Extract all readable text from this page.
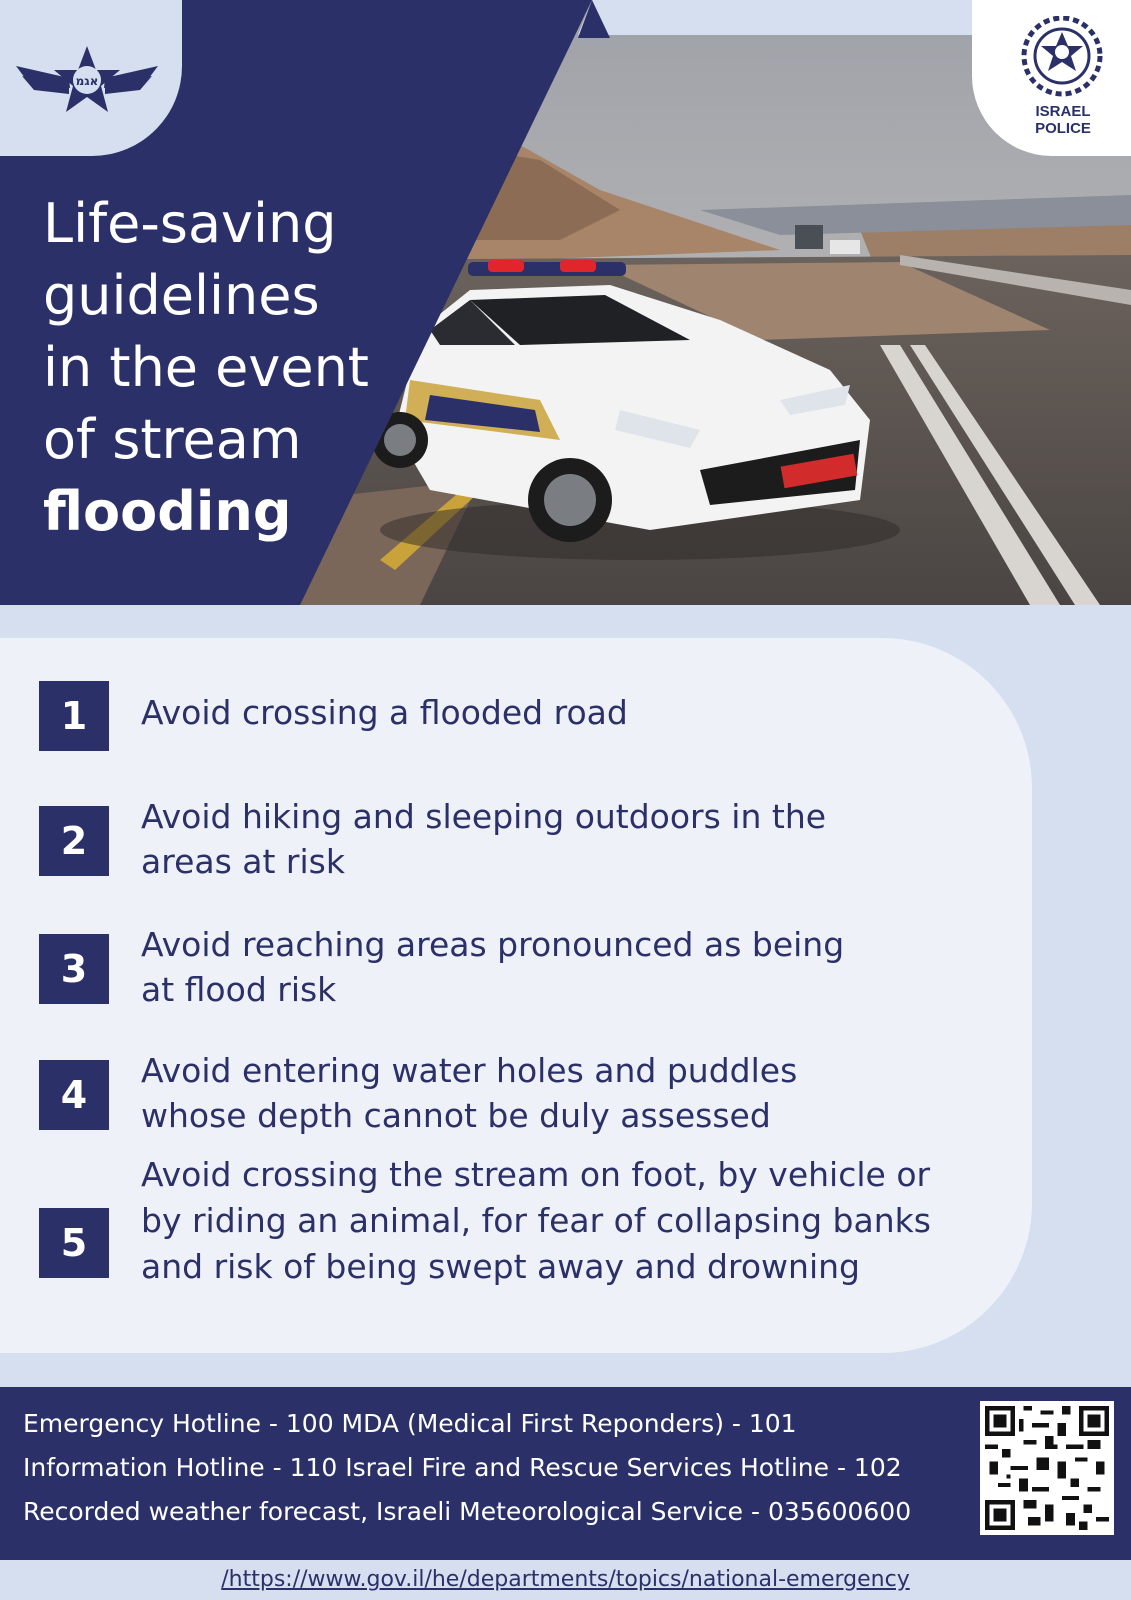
אגמ
ISRAEL
POLICE
Life-saving
guidelines
in the event
of stream
flooding
1	Avoid crossing a flooded road
2
Avoid hiking and sleeping outdoors in the
areas at risk
3
Avoid reaching areas pronounced as being
at flood risk
4
Avoid entering water holes and puddles
whose depth cannot be duly assessed
5
Avoid crossing the stream on foot, by vehicle or
by riding an animal, for fear of collapsing banks
and risk of being swept away and drowning
Emergency Hotline - 100 MDA (Medical First Reponders) - 101
Information Hotline - 110 Israel Fire and Rescue Services Hotline - 102
Recorded weather forecast, Israeli Meteorological Service - 035600600
/https://www.gov.il/he/departments/topics/national-emergency
